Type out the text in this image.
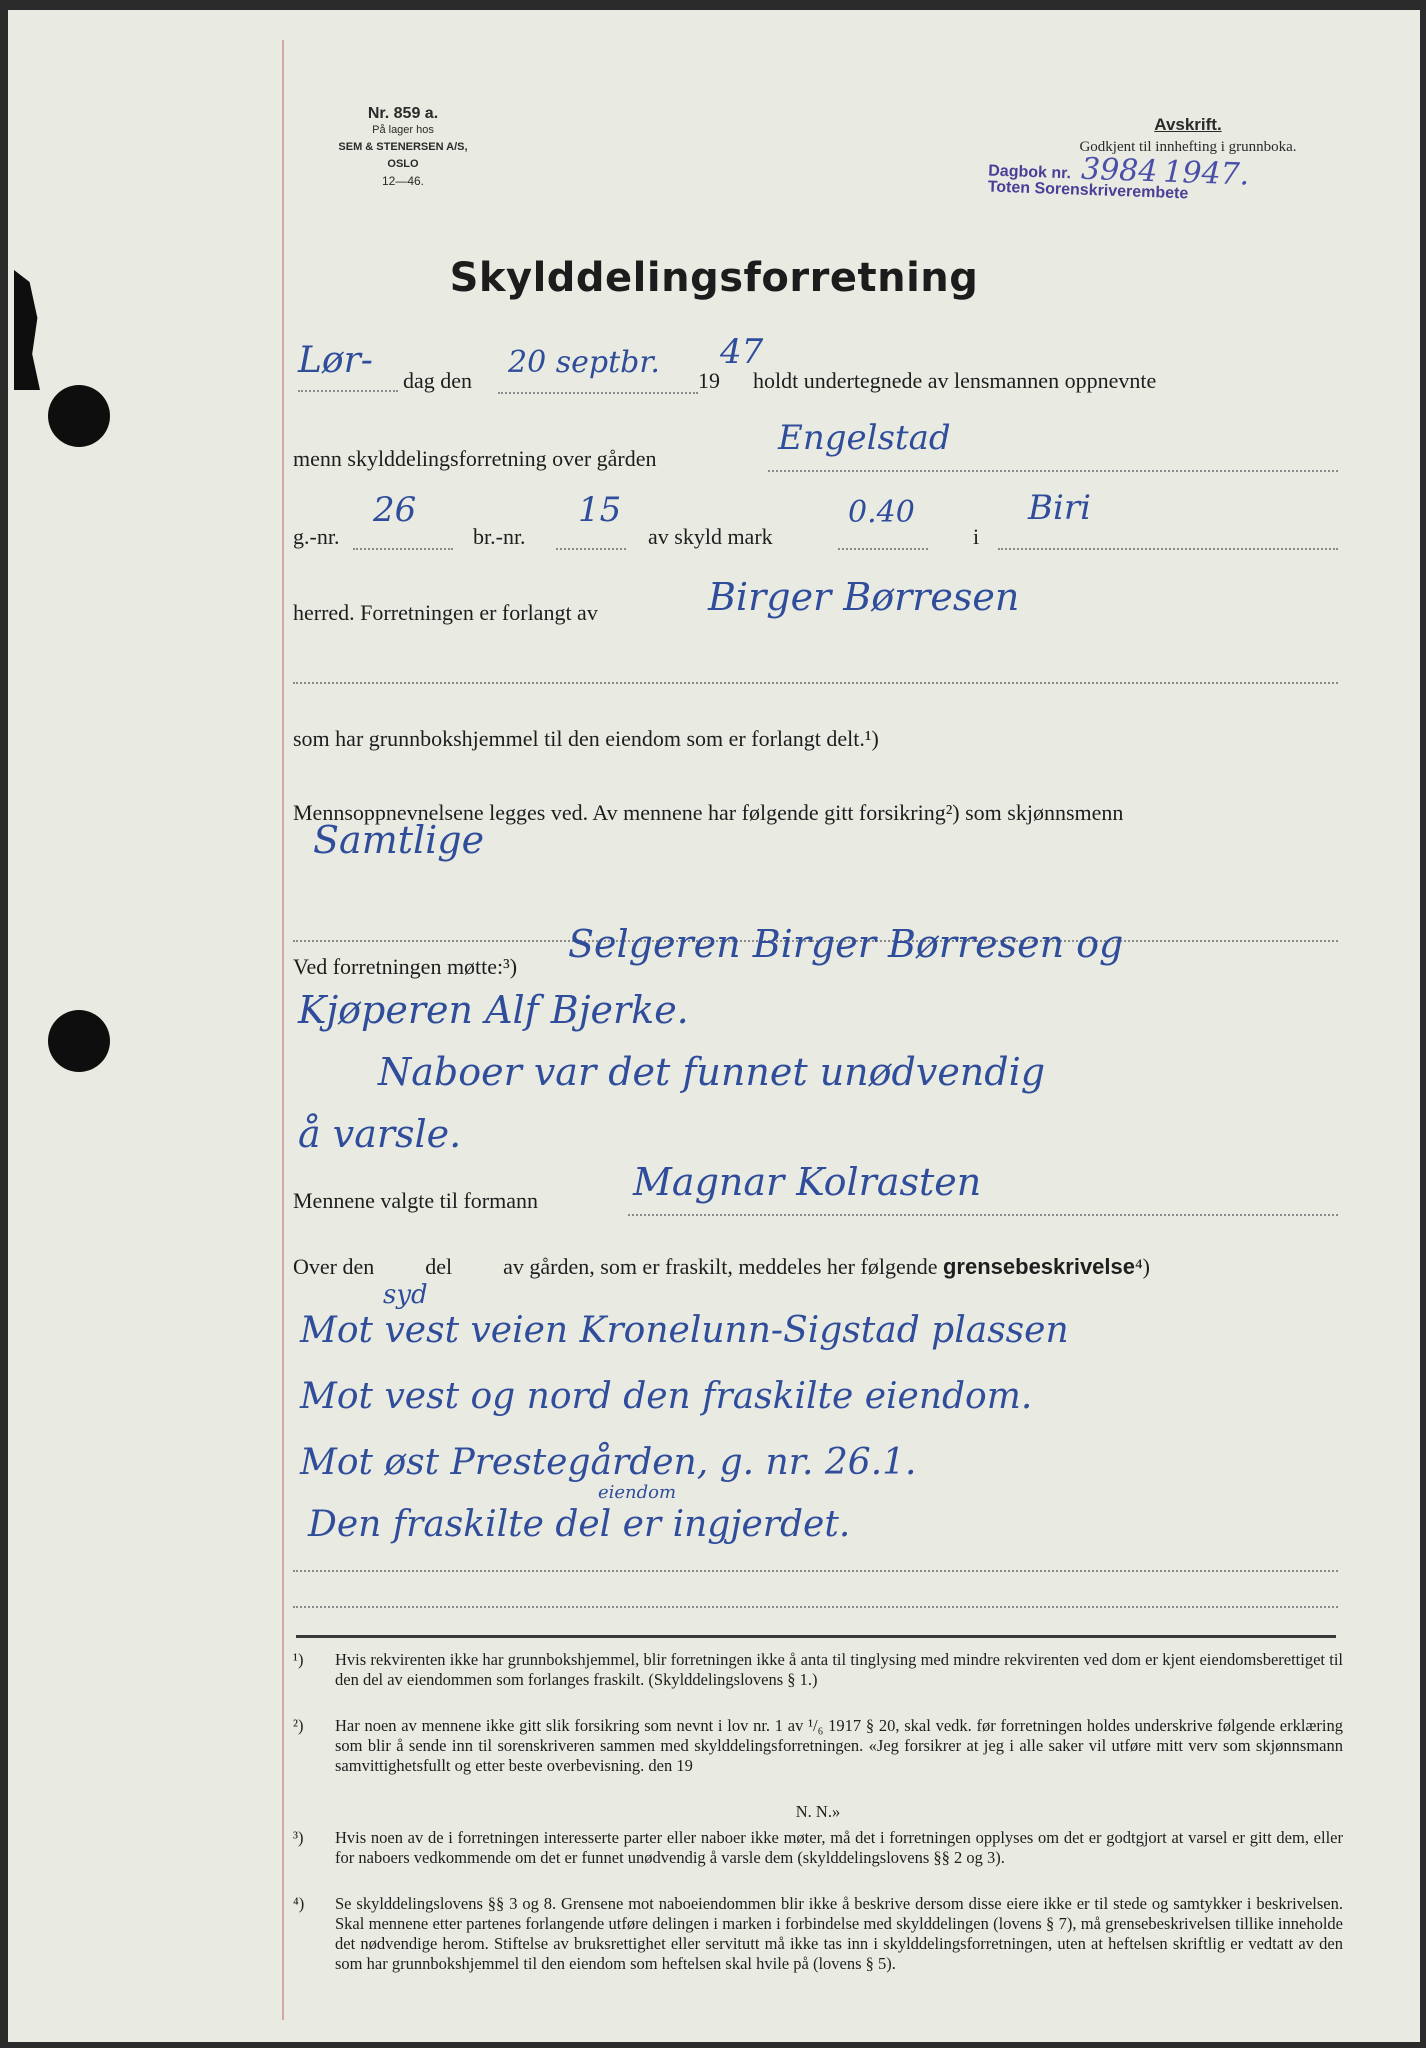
Nr. 859 a.
På lager hos
SEM & STENERSEN A/S, OSLO
12—46.
Avskrift.
Godkjent til innhefting i grunnboka.
Dagbok nr. 3984 1947.
Toten Sorenskriverembete
Skylddelingsforretning
Lør- dag den
20 septbr.
19
47
holdt undertegnede av lensmannen oppnevnte
menn skylddelingsforretning over gården
Engelstad
g.-nr.
26
br.-nr.
15
av skyld mark
0.40
i
Biri
herred. Forretningen er forlangt av	Birger Børresen
som har grunnbokshjemmel til den eiendom som er forlangt delt.¹)
Mennsoppnevnelsene legges ved. Av mennene har følgende gitt forsikring²) som skjønnsmenn
Samtlige
Ved forretningen møtte:³)
Selgeren Birger Børresen og
Kjøperen Alf Bjerke.
Naboer var det funnet unødvendig
å varsle.
Mennene valgte til formann	Magnar Kolrasten
Over den del av gården, som er fraskilt, meddeles her følgende grensebeskrivelse⁴)
syd
Mot vest veien Kronelunn-Sigstad plassen
Mot vest og nord den fraskilte eiendom.
Mot øst Prestegården, g. nr. 26.1.
eiendom
Den fraskilte del er ingjerdet.
¹)	Hvis rekvirenten ikke har grunnbokshjemmel, blir forretningen ikke å anta til tinglysing med mindre rekvirenten ved dom er kjent eiendomsberettiget til den del av eiendommen som forlanges fraskilt. (Skylddelingslovens § 1.)
²)	Har noen av mennene ikke gitt slik forsikring som nevnt i lov nr. 1 av ¹/₆ 1917 § 20, skal vedk. før forretningen holdes underskrive følgende erklæring som blir å sende inn til sorenskriveren sammen med skylddelingsforretningen. «Jeg forsikrer at jeg i alle saker vil utføre mitt verv som skjønnsmann samvittighetsfullt og etter beste overbevisning. den 19
N. N.»
³)	Hvis noen av de i forretningen interesserte parter eller naboer ikke møter, må det i forretningen opplyses om det er godtgjort at varsel er gitt dem, eller for naboers vedkommende om det er funnet unødvendig å varsle dem (skylddelingslovens §§ 2 og 3).
⁴)	Se skylddelingslovens §§ 3 og 8. Grensene mot naboeiendommen blir ikke å beskrive dersom disse eiere ikke er til stede og samtykker i beskrivelsen. Skal mennene etter partenes forlangende utføre delingen i marken i forbindelse med skylddelingen (lovens § 7), må grensebeskrivelsen tillike inneholde det nødvendige herom. Stiftelse av bruksrettighet eller servitutt må ikke tas inn i skylddelingsforretningen, uten at heftelsen skriftlig er vedtatt av den som har grunnbokshjemmel til den eiendom som heftelsen skal hvile på (lovens § 5).
